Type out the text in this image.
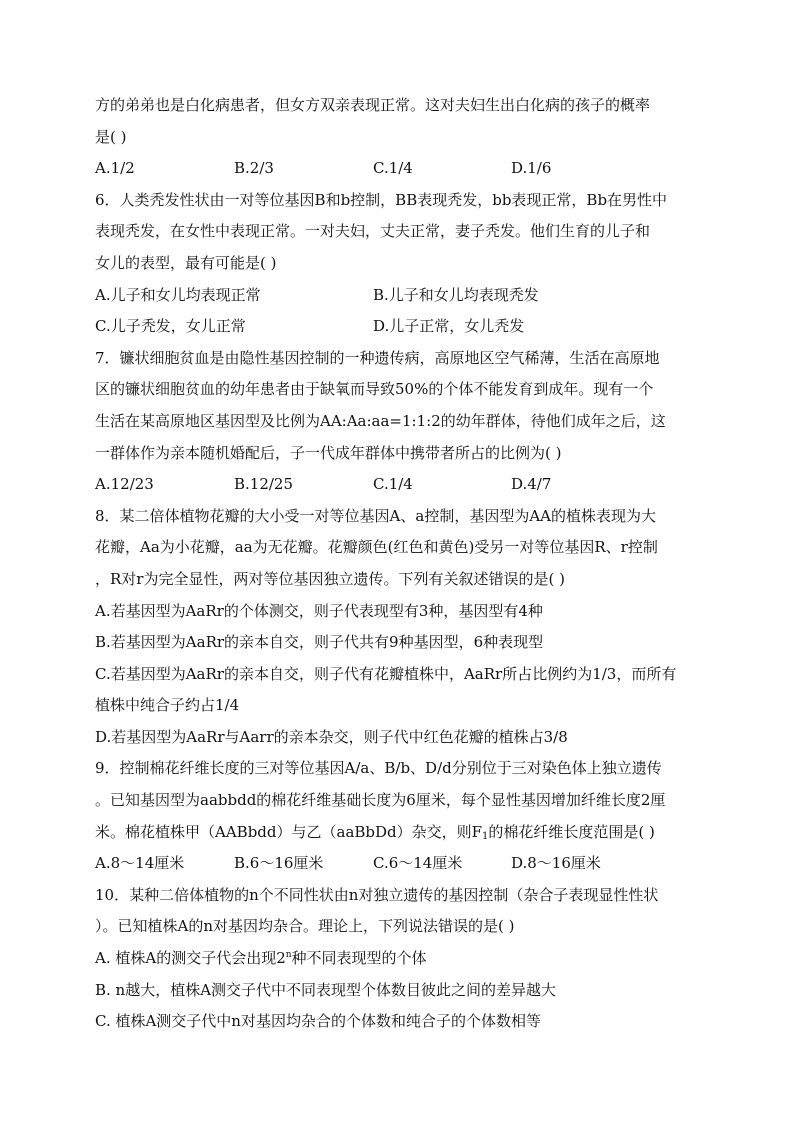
方的弟弟也是白化病患者，但女方双亲表现正常。这对夫妇生出白化病的孩子的概率

是( )

A.1/2	B.2/3	C.1/4	D.1/6

6．人类秃发性状由一对等位基因B和b控制，BB表现秃发，bb表现正常，Bb在男性中

表现秃发，在女性中表现正常。一对夫妇，丈夫正常，妻子秃发。他们生育的儿子和

女儿的表型，最有可能是( )

A.儿子和女儿均表现正常	B.儿子和女儿均表现秃发
C.儿子秃发，女儿正常	D.儿子正常，女儿秃发

7．镰状细胞贫血是由隐性基因控制的一种遗传病，高原地区空气稀薄，生活在高原地

区的镰状细胞贫血的幼年患者由于缺氧而导致50%的个体不能发育到成年。现有一个

生活在某高原地区基因型及比例为AA:Aa:aa=1:1:2的幼年群体，待他们成年之后，这

一群体作为亲本随机婚配后，子一代成年群体中携带者所占的比例为( )

A.12/23	B.12/25	C.1/4	D.4/7

8．某二倍体植物花瓣的大小受一对等位基因A、a控制，基因型为AA的植株表现为大

花瓣，Aa为小花瓣，aa为无花瓣。花瓣颜色(红色和黄色)受另一对等位基因R、r控制

，R对r为完全显性，两对等位基因独立遗传。下列有关叙述错误的是( )

A.若基因型为AaRr的个体测交，则子代表现型有3种，基因型有4种

B.若基因型为AaRr的亲本自交，则子代共有9种基因型，6种表现型

C.若基因型为AaRr的亲本自交，则子代有花瓣植株中，AaRr所占比例约为1/3，而所有

植株中纯合子约占1/4

D.若基因型为AaRr与Aarr的亲本杂交，则子代中红色花瓣的植株占3/8

9．控制棉花纤维长度的三对等位基因A/a、B/b、D/d分别位于三对染色体上独立遗传

。已知基因型为aabbdd的棉花纤维基础长度为6厘米，每个显性基因增加纤维长度2厘

米。棉花植株甲（AABbdd）与乙（aaBbDd）杂交，则$F_1$的棉花纤维长度范围是( )

A.8～14厘米	B.6～16厘米	C.6～14厘米	D.8～16厘米

10．某种二倍体植物的n个不同性状由n对独立遗传的基因控制（杂合子表现显性性状

）。已知植株A的n对基因均杂合。理论上，下列说法错误的是( )

A. 植株A的测交子代会出现2$^n$种不同表现型的个体

B. n越大，植株A测交子代中不同表现型个体数目彼此之间的差异越大

C. 植株A测交子代中n对基因均杂合的个体数和纯合子的个体数相等
